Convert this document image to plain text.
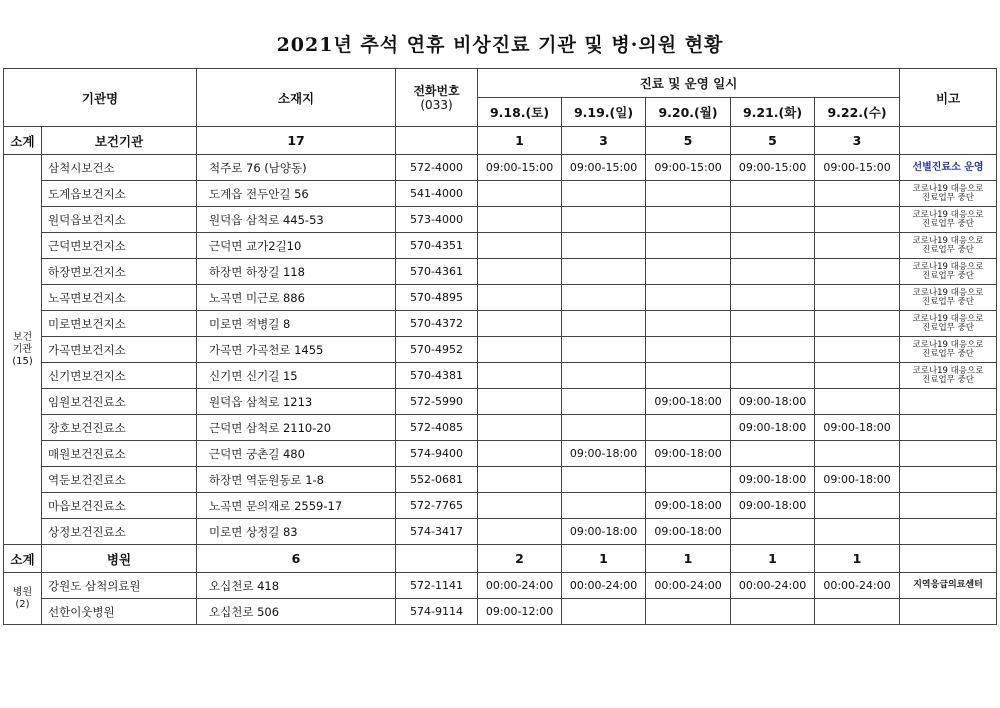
2021년 추석 연휴 비상진료 기관 및 병·의원 현황
기관명		소재지	전화번호
(033)	진료 및 운영 일시					비고
				9.18.(토)	9.19.(일)	9.20.(월)	9.21.(화)	9.22.(수)	
소계	보건기관	17		1	3	5	5	3	

보건
기관
(15)	삼척시보건소	척주로 76 (남양동)	572-4000	09:00-15:00	09:00-15:00	09:00-15:00	09:00-15:00	09:00-15:00	선별진료소 운영
	도계읍보건지소	도계읍 전두안길 56	541-4000						코로나19 대응으로
진료업무 중단

	원덕읍보건지소	원덕읍 삼척로 445-53	573-4000						코로나19 대응으로
진료업무 중단

	근덕면보건지소	근덕면 교가2길10	570-4351						코로나19 대응으로
진료업무 중단

	하장면보건지소	하장면 하장길 118	570-4361						코로나19 대응으로
진료업무 중단

	노곡면보건지소	노곡면 미근로 886	570-4895						코로나19 대응으로
진료업무 중단

	미로면보건지소	미로면 적병길 8	570-4372						코로나19 대응으로
진료업무 중단

	가곡면보건지소	가곡면 가곡천로 1455	570-4952						코로나19 대응으로
진료업무 중단

	신기면보건지소	신기면 신기길 15	570-4381						코로나19 대응으로
진료업무 중단

	임원보건진료소	원덕읍 삼척로 1213	572-5990			09:00-18:00	09:00-18:00		
	장호보건진료소	근덕면 삼척로 2110-20	572-4085				09:00-18:00	09:00-18:00	
	매원보건진료소	근덕면 궁촌길 480	574-9400		09:00-18:00	09:00-18:00			
	역둔보건진료소	하장면 역둔원동로 1-8	552-0681				09:00-18:00	09:00-18:00	
	마읍보건진료소	노곡면 문의재로 2559-17	572-7765			09:00-18:00	09:00-18:00		
	상정보건진료소	미로면 상정길 83	574-3417		09:00-18:00	09:00-18:00			
소계	병원	6		2	1	1	1	1	

병원
(2)	강원도 삼척의료원	오십천로 418	572-1141	00:00-24:00	00:00-24:00	00:00-24:00	00:00-24:00	00:00-24:00	지역응급의료센터
	선한이웃병원	오십천로 506	574-9114	09:00-12:00					
